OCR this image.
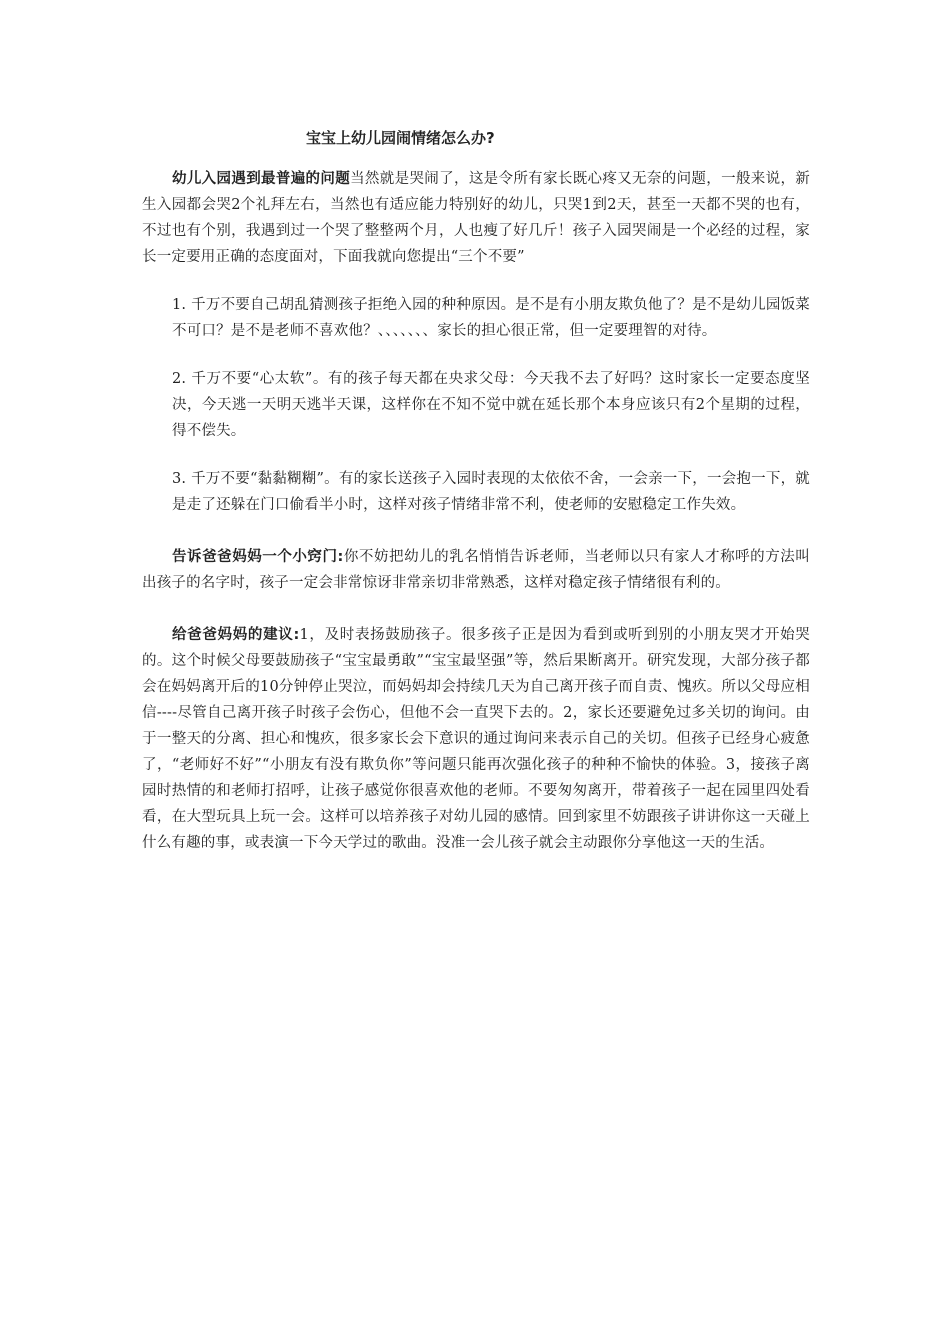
宝宝上幼儿园闹情绪怎么办?

幼儿入园遇到最普遍的问题当然就是哭闹了，这是令所有家长既心疼又无奈的问题，一般来说，新生入园都会哭2个礼拜左右，当然也有适应能力特别好的幼儿，只哭1到2天，甚至一天都不哭的也有，不过也有个别，我遇到过一个哭了整整两个月，人也瘦了好几斤！孩子入园哭闹是一个必经的过程，家长一定要用正确的态度面对，下面我就向您提出“三个不要”

1. 千万不要自己胡乱猜测孩子拒绝入园的种种原因。是不是有小朋友欺负他了？是不是幼儿园饭菜不可口？是不是老师不喜欢他？、、、、、、、家长的担心很正常，但一定要理智的对待。

2. 千万不要“心太软”。有的孩子每天都在央求父母：今天我不去了好吗？这时家长一定要态度坚决，今天逃一天明天逃半天课，这样你在不知不觉中就在延长那个本身应该只有2个星期的过程，得不偿失。

3. 千万不要“黏黏糊糊”。有的家长送孩子入园时表现的太依依不舍，一会亲一下，一会抱一下，就是走了还躲在门口偷看半小时，这样对孩子情绪非常不利，使老师的安慰稳定工作失效。

告诉爸爸妈妈一个小窍门:你不妨把幼儿的乳名悄悄告诉老师，当老师以只有家人才称呼的方法叫出孩子的名字时，孩子一定会非常惊讶非常亲切非常熟悉，这样对稳定孩子情绪很有利的。

给爸爸妈妈的建议:1，及时表扬鼓励孩子。很多孩子正是因为看到或听到别的小朋友哭才开始哭的。这个时候父母要鼓励孩子“宝宝最勇敢”“宝宝最坚强”等，然后果断离开。研究发现，大部分孩子都会在妈妈离开后的10分钟停止哭泣，而妈妈却会持续几天为自己离开孩子而自责、愧疚。所以父母应相信----尽管自己离开孩子时孩子会伤心，但他不会一直哭下去的。2，家长还要避免过多关切的询问。由于一整天的分离、担心和愧疚，很多家长会下意识的通过询问来表示自己的关切。但孩子已经身心疲惫了，“老师好不好”“小朋友有没有欺负你”等问题只能再次强化孩子的种种不愉快的体验。3，接孩子离园时热情的和老师打招呼，让孩子感觉你很喜欢他的老师。不要匆匆离开，带着孩子一起在园里四处看看，在大型玩具上玩一会。这样可以培养孩子对幼儿园的感情。回到家里不妨跟孩子讲讲你这一天碰上什么有趣的事，或表演一下今天学过的歌曲。没准一会儿孩子就会主动跟你分享他这一天的生活。
